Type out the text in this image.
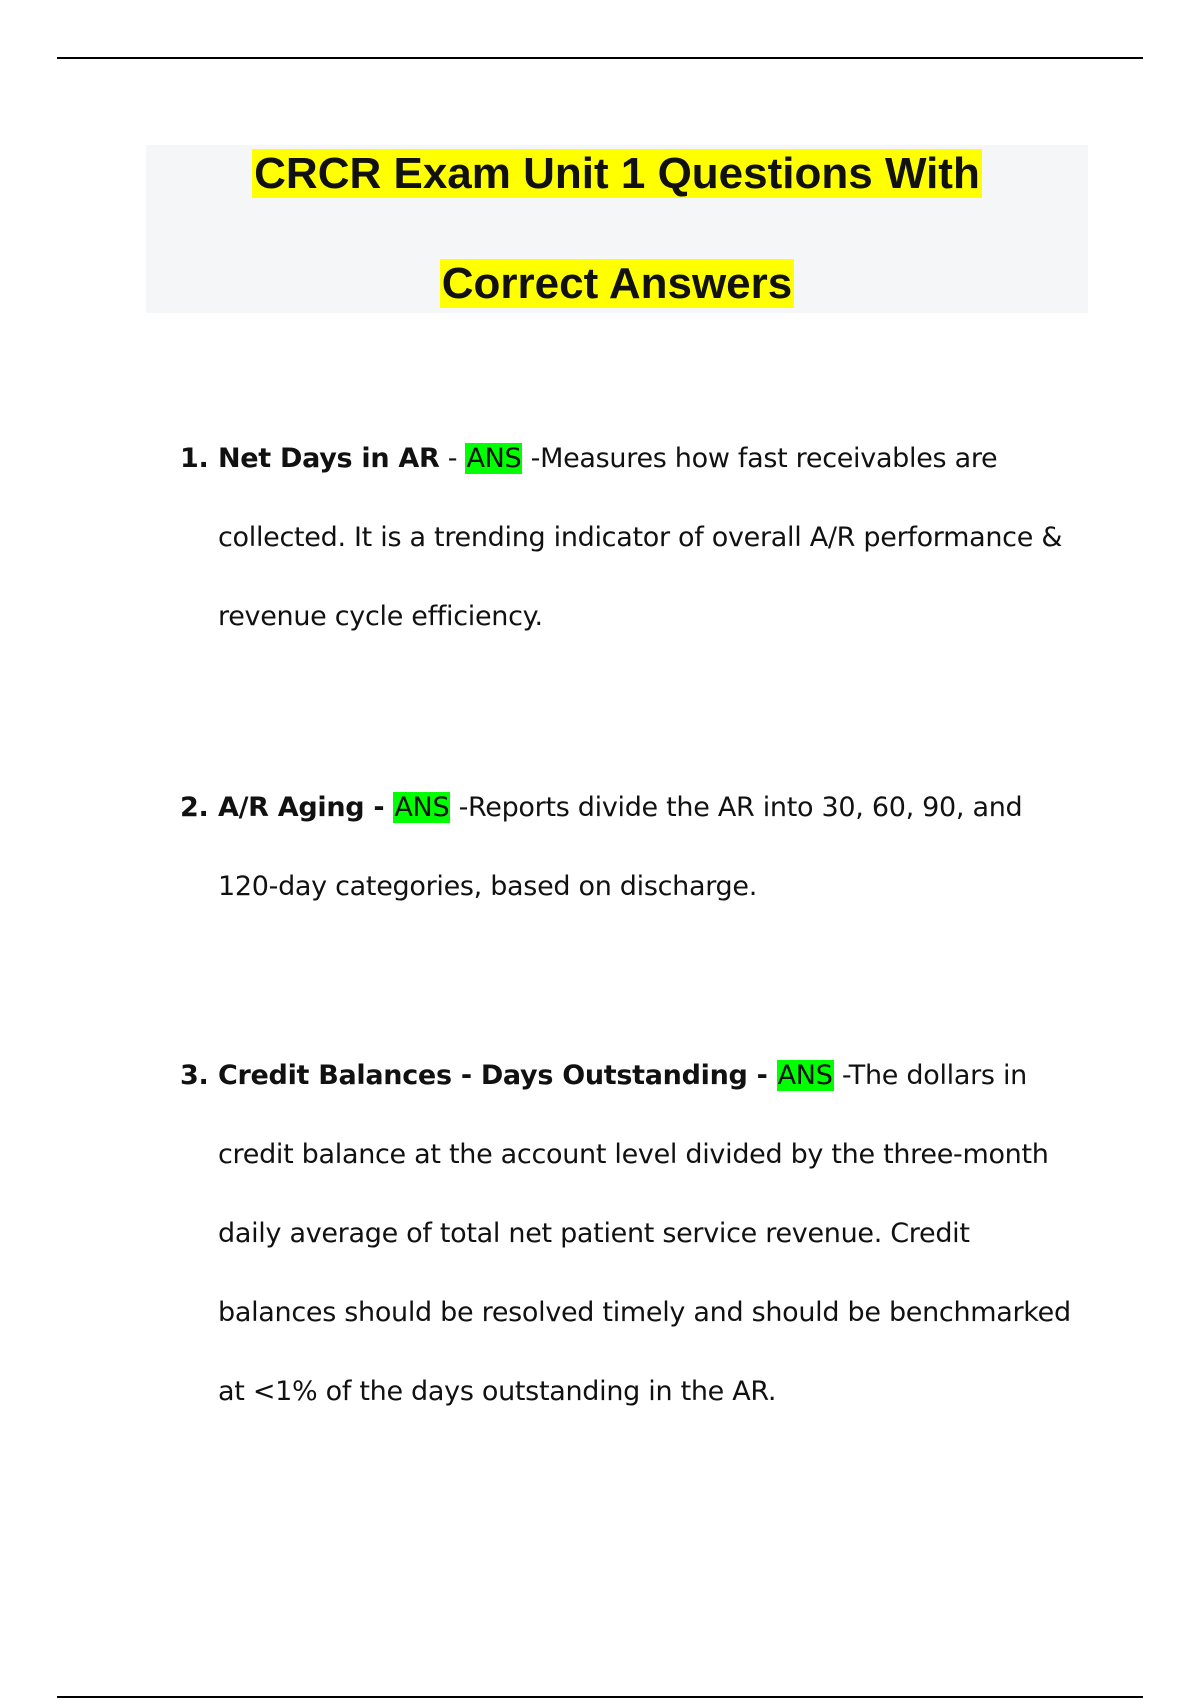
CRCR Exam Unit 1 Questions With
Correct Answers
1. Net Days in AR - ANS -Measures how fast receivables are collected. It is a trending indicator of overall A/R performance & revenue cycle efficiency.
2. A/R Aging - ANS -Reports divide the AR into 30, 60, 90, and 120-day categories, based on discharge.
3. Credit Balances - Days Outstanding - ANS -The dollars in credit balance at the account level divided by the three-month daily average of total net patient service revenue. Credit balances should be resolved timely and should be benchmarked at <1% of the days outstanding in the AR.
